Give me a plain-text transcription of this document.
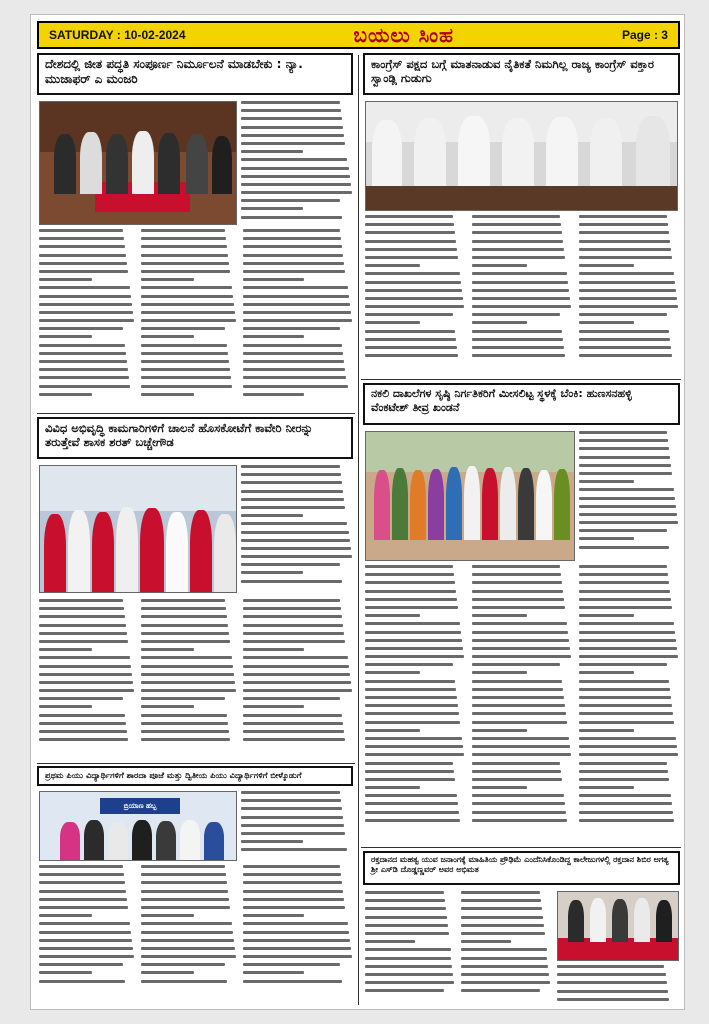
SATURDAY : 10-02-2024	ಬಯಲು ಸಿಂಹ	Page : 3
ದೇಶದಲ್ಲಿ ಜೀತ ಪದ್ಧತಿ ಸಂಪೂರ್ಣ ನಿರ್ಮೂಲನೆ ಮಾಡಬೇಕು : ನ್ಯಾ. ಮುಜಾಫರ್ ಎ ಮಂಜರಿ
ವಿವಿಧ ಅಭಿವೃದ್ಧಿ ಕಾಮಗಾರಿಗಳಿಗೆ ಚಾಲನೆ ಹೊಸಕೋಟೆಗೆ ಕಾವೇರಿ ನೀರನ್ನು ತರುತ್ತೇವೆ ಶಾಸಕ ಶರತ್ ಬಚ್ಚೇಗೌಡ
ಪ್ರಥಮ ಪಿಯು ವಿದ್ಯಾರ್ಥಿಗಳಿಗೆ ಶಾರದಾ ಪೂಜೆ ಮತ್ತು ದ್ವಿತೀಯ ಪಿಯು ವಿದ್ಯಾರ್ಥಿಗಳಿಗೆ ಬೀಳ್ಕೊಡುಗೆ
ಬ್ರಿಯಾಣ ಹಬ್ಬ
ಕಾಂಗ್ರೆಸ್ ಪಕ್ಷದ ಬಗ್ಗೆ ಮಾತನಾಡುವ ನೈತಿಕತೆ ನಿಮಗಿಲ್ಲ ರಾಜ್ಯ ಕಾಂಗ್ರೆಸ್ ವಕ್ತಾರ ಸ್ವಾಂಡ್ಲಿ ಗುಡುಗು
ನಕಲಿ ದಾಖಲೆಗಳ ಸೃಷ್ಠಿ ನಿರ್ಗತಿಕರಿಗೆ ಮೀಸಲಿಟ್ಟ ಸ್ಥಳಕ್ಕೆ ಬೆಂಕಿ: ಹುಣಸನಹಳ್ಳಿ ವೆಂಕಟೇಶ್ ತೀವ್ರ ಖಂಡನೆ
ರಕ್ತದಾನದ ಮಹತ್ವ ಯುವ ಜನಾಂಗಕ್ಕೆ ಮಾಹಿತಿಯ ಪ್ರೌಢಿಮೆ ಎಂದೆನಿಸಿಕೊಂಡಿದ್ದ ಕಾಲೇಜುಗಳಲ್ಲಿ ರಕ್ತದಾನ ಶಿಬಿರ ಅಗತ್ಯ ಶ್ರೀ ಎಸ್‌ಡಿ ದೊಡ್ಡಣ್ಣವರ್ ಅವರ ಅಭಿಮತ
